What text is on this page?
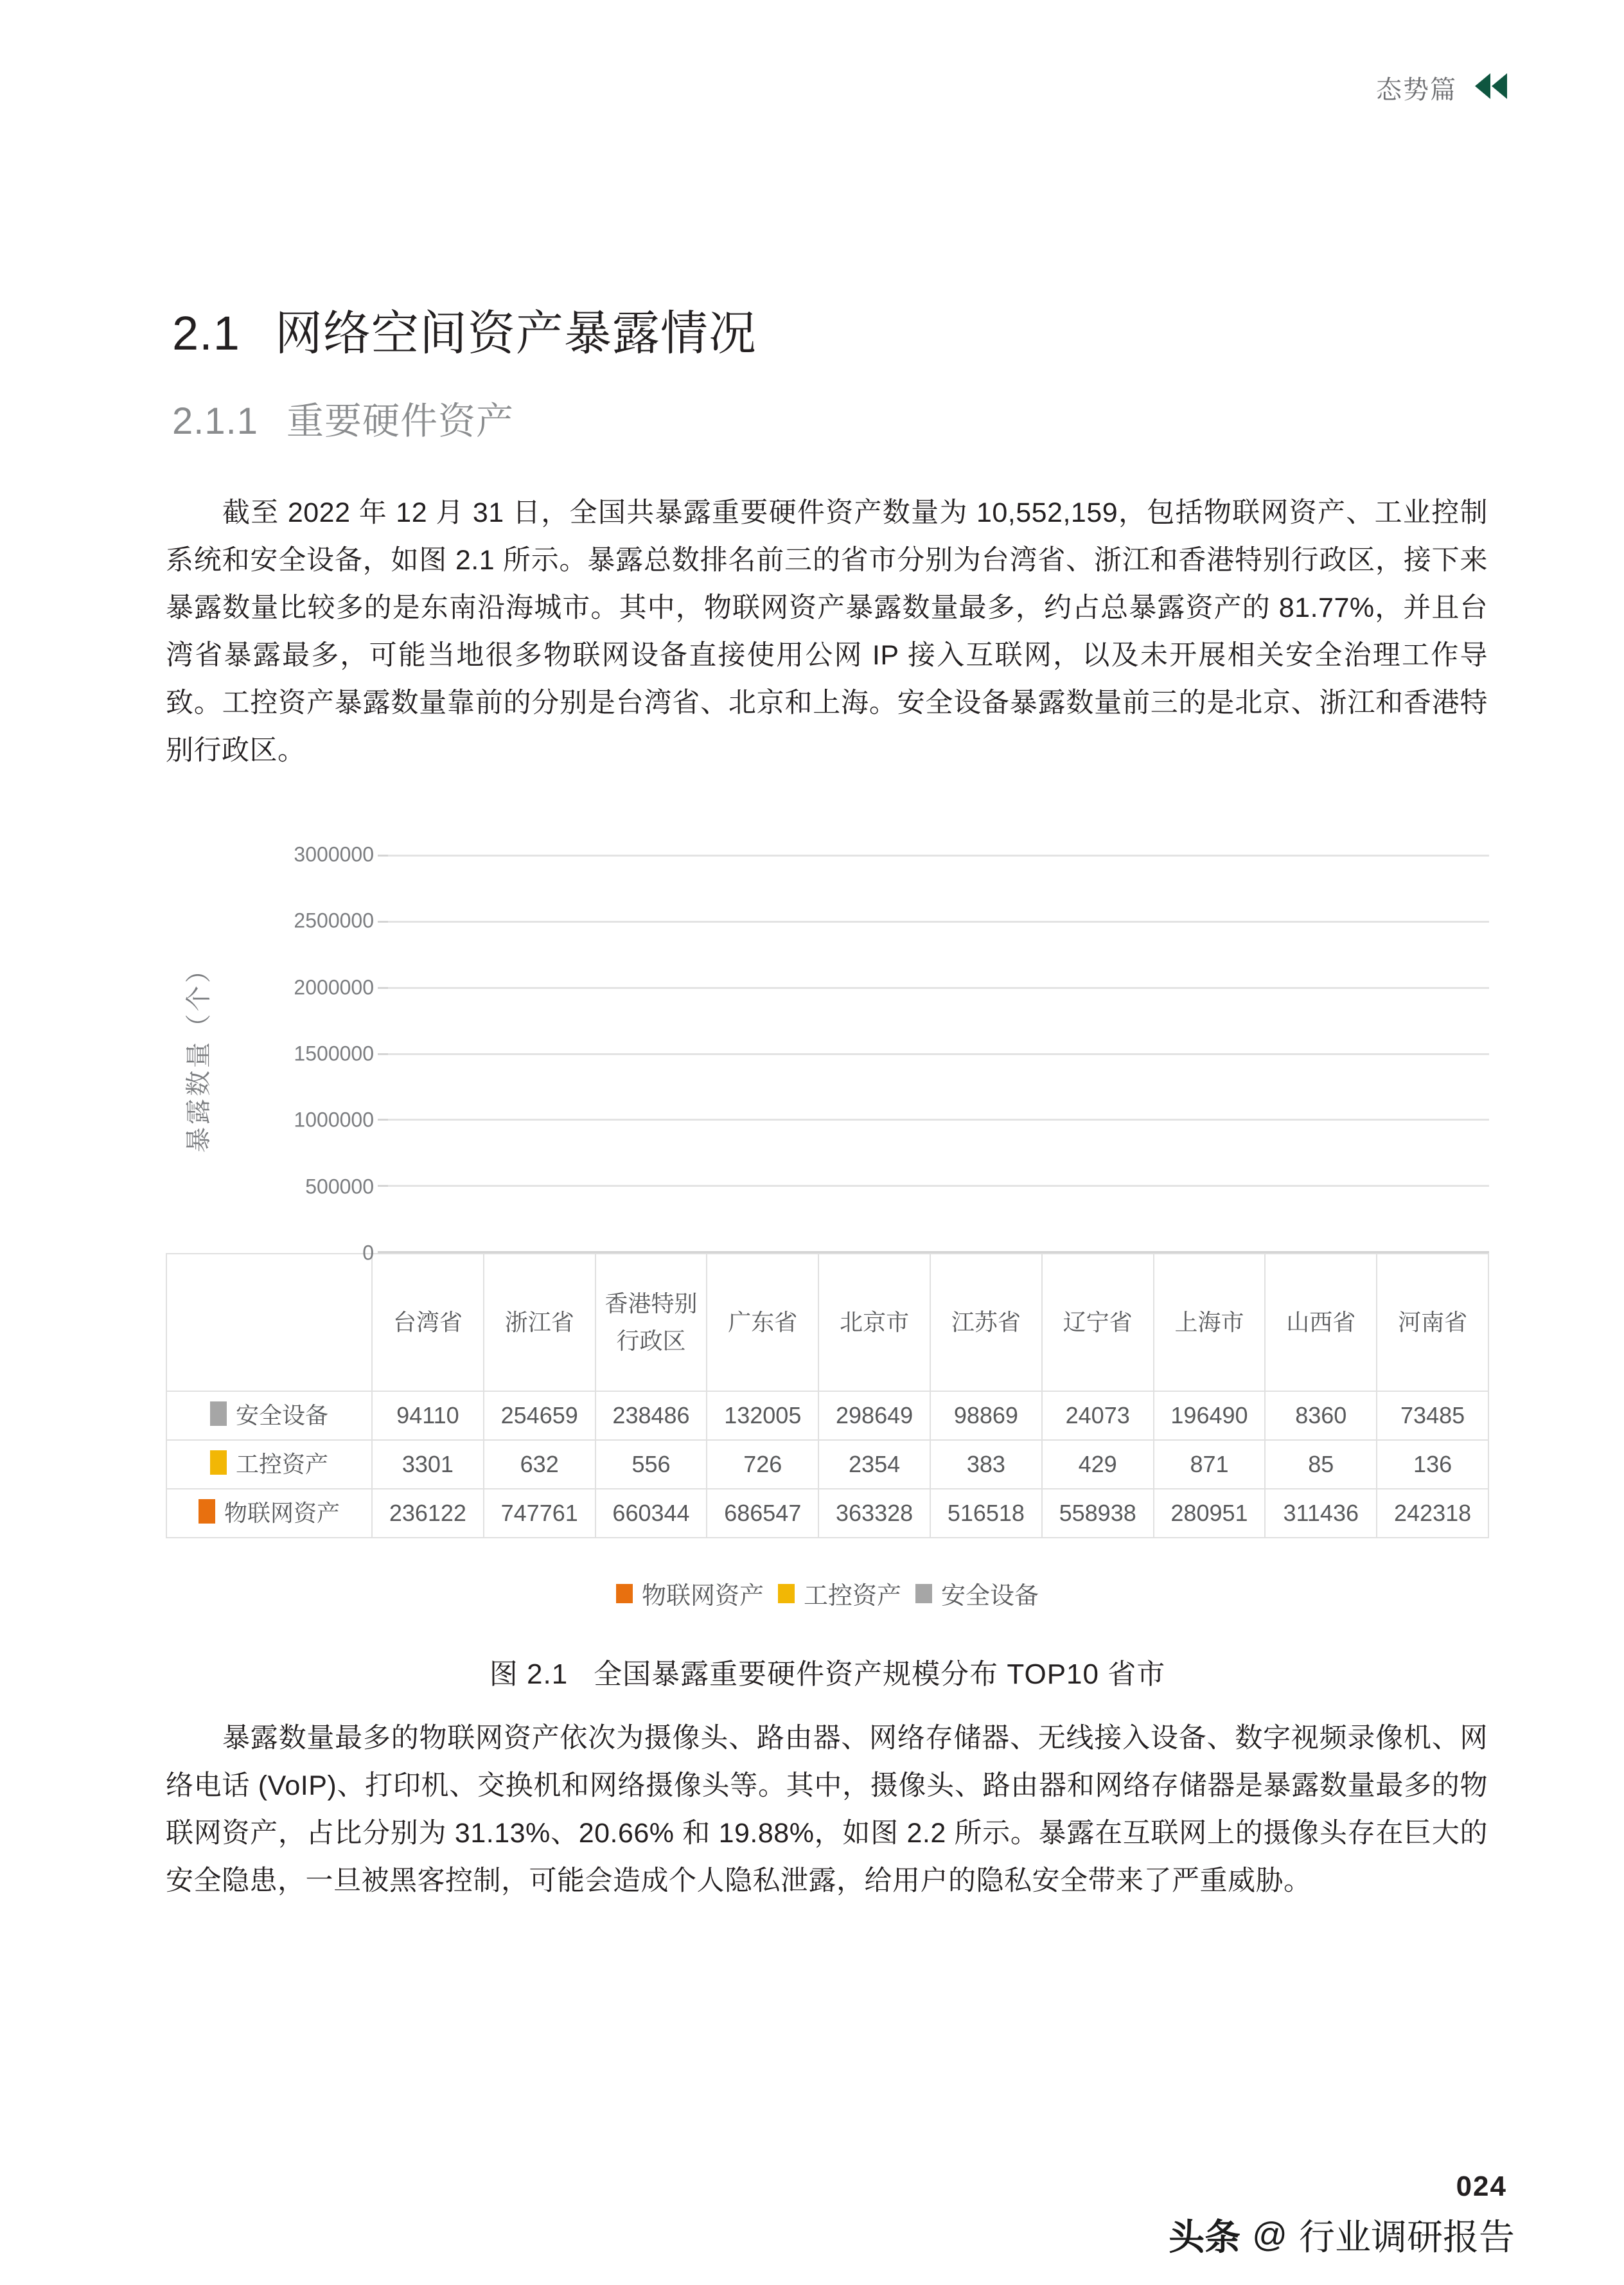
态势篇
2.1 网络空间资产暴露情况
2.1.1 重要硬件资产

截至 2022 年 12 月 31 日，全国共暴露重要硬件资产数量为 10,552,159，包括物联网资产、工业控制系统和安全设备，如图 2.1 所示。暴露总数排名前三的省市分别为台湾省、浙江和香港特别行政区，接下来暴露数量比较多的是东南沿海城市。其中，物联网资产暴露数量最多，约占总暴露资产的 81.77%，并且台湾省暴露最多，可能当地很多物联网设备直接使用公网 IP 接入互联网，以及未开展相关安全治理工作导致。工控资产暴露数量靠前的分别是台湾省、北京和上海。安全设备暴露数量前三的是北京、浙江和香港特别行政区。

暴露数量（个）
0
500000
1000000
1500000
2000000
2500000
3000000
	台湾省	浙江省	香港特别行政区	广东省	北京市	江苏省	辽宁省	上海市	山西省	河南省
安全设备	94110	254659	238486	132005	298649	98869	24073	196490	8360	73485
工控资产	3301	632	556	726	2354	383	429	871	85	136
物联网资产	236122	747761	660344	686547	363328	516518	558938	280951	311436	242318
物联网资产 工控资产 安全设备
图 2.1 全国暴露重要硬件资产规模分布 TOP10 省市

暴露数量最多的物联网资产依次为摄像头、路由器、网络存储器、无线接入设备、数字视频录像机、网络电话 (VoIP)、打印机、交换机和网络摄像头等。其中，摄像头、路由器和网络存储器是暴露数量最多的物联网资产，占比分别为 31.13%、20.66% 和 19.88%，如图 2.2 所示。暴露在互联网上的摄像头存在巨大的安全隐患，一旦被黑客控制，可能会造成个人隐私泄露，给用户的隐私安全带来了严重威胁。

024
头条 @ 行业调研报告
